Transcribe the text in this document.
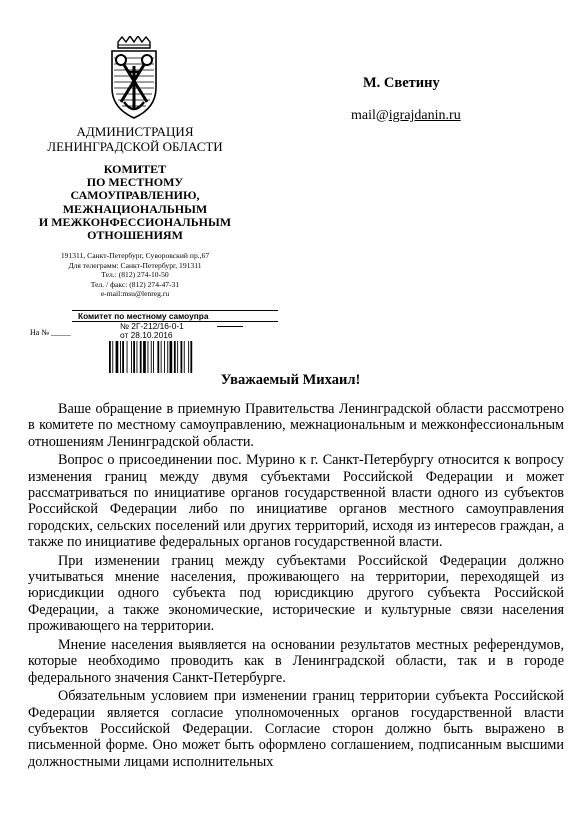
АДМИНИСТРАЦИЯ
ЛЕНИНГРАДСКОЙ ОБЛАСТИ
КОМИТЕТ
ПО МЕСТНОМУ
САМОУПРАВЛЕНИЮ,
МЕЖНАЦИОНАЛЬНЫМ
И МЕЖКОНФЕССИОНАЛЬНЫМ
ОТНОШЕНИЯМ
191311, Санкт-Петербург, Суворовский пр.,67
Для телеграмм: Санкт-Петербург, 191311
Тел.: (812) 274-10-50
Тел. / факс: (812) 274-47-31
e-mail:msu@lenreg.ru
М. Светину
mail@igrajdanin.ru
Комитет по местному самоупра
№ 2Г-212/16-0-1
от 28.10.2016
На № _____
Уважаемый Михаил!

Ваше обращение в приемную Правительства Ленинградской области рассмотрено в комитете по местному самоуправлению, межнациональным и межконфессиональным отношениям Ленинградской области.

Вопрос о присоединении пос. Мурино к г. Санкт-Петербургу относится к вопросу изменения границ между двумя субъектами Российской Федерации и может рассматриваться по инициативе органов государственной власти одного из субъектов Российской Федерации либо по инициативе органов местного самоуправления городских, сельских поселений или других территорий, исходя из интересов граждан, а также по инициативе федеральных органов государственной власти.

При изменении границ между субъектами Российской Федерации должно учитываться мнение населения, проживающего на территории, переходящей из юрисдикции одного субъекта под юрисдикцию другого субъекта Российской Федерации, а также экономические, исторические и культурные связи населения проживающего на территории.

Мнение населения выявляется на основании результатов местных референдумов, которые необходимо проводить как в Ленинградской области, так и в городе федерального значения Санкт-Петербурге.

Обязательным условием при изменении границ территории субъекта Российской Федерации является согласие уполномоченных органов государственной власти субъектов Российской Федерации. Согласие сторон должно быть выражено в письменной форме. Оно может быть оформлено соглашением, подписанным высшими должностными лицами исполнительных
